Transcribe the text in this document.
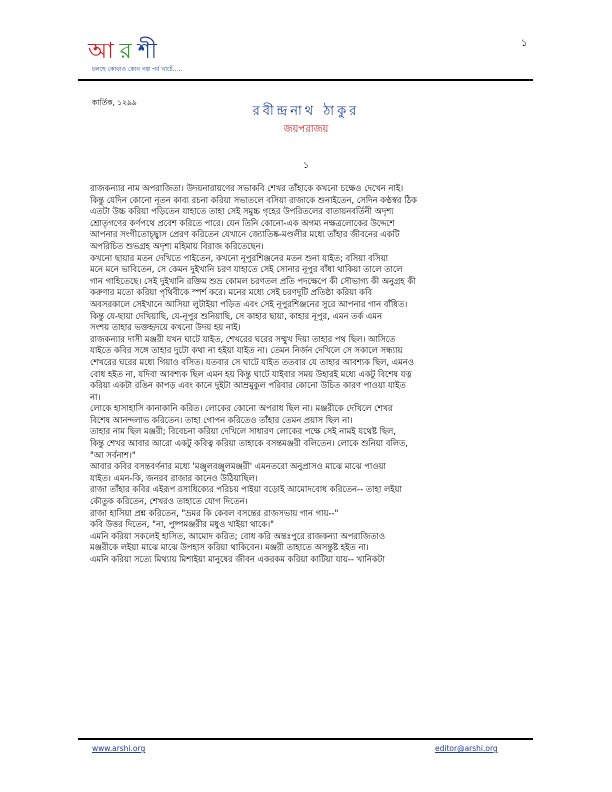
আরশী
চলছে কোথাও কোন গল্প পর্ব খাচেঁ.....
১
কার্তিক, ১২৯৯
রবীন্দ্রনাথ ঠাকুর
জয়পরাজয়
১

রাজকন্যার নাম অপরাজিতা। উদয়নারায়ণের সভাকবি শেখর তাঁহাকে কখনো চক্ষেও দেখেন নাই।

কিন্তু যেদিন কোনো নূতন কাব্য রচনা করিয়া সভাতলে বসিয়া রাজাকে শুনাইতেন, সেদিন কণ্ঠস্বর ঠিক

এতটা উচ্চ করিয়া পড়িতেন যাহাতে তাহা সেই সমুচ্চ গৃহের উপরিতলের বাতায়নবর্তিনী অদৃশ্য

শ্রোতৃগণের কর্ণপথে প্রবেশ করিতে পারে। যেন তিনি কোনো-এক অগম্য নক্ষত্রলোকের উদ্দেশে

আপনার সংগীতোচ্ছ্বাস প্রেরণ করিতেন যেখানে জ্যোতিষ্ক-মণ্ডলীর মধ্যে তাঁহার জীবনের একটি

অপরিচিত শুভগ্রহ অদৃশ্য মহিমায় বিরাজ করিতেছেন।

কখনো ছায়ার মতন দেখিতে পাইতেন, কখনো নূপুরশিঞ্জনের মতন শুনা যাইত; বসিয়া বসিয়া

মনে মনে ভাবিতেন, সে কেমন দুইখানি চরণ যাহাতে সেই সোনার নূপুর বাঁধা থাকিয়া তালে তালে

গান গাহিতেছে। সেই দুইখানি রক্তিম শুভ্র কোমল চরণতল প্রতি পদক্ষেপে কী সৌভাগ্য কী অনুগ্রহ কী

করুণার মতো করিয়া পৃথিবীকে স্পর্শ করে। মনের মধ্যে সেই চরণদুটি প্রতিষ্ঠা করিয়া কবি

অবসরকালে সেইখানে আসিয়া লুটাইয়া পড়িত এবং সেই নূপুরশিঞ্জনের সুরে আপনার গান বাঁধিত।

কিন্তু যে-ছায়া দেখিয়াছি, যে-নূপুর শুনিয়াছি, সে কাহার ছায়া, কাহার নূপুর, এমন তর্ক এমন

সংশয় তাহার ভক্তহৃদয়ে কখনো উদয় হয় নাই।

রাজকন্যার দাসী মঞ্জরী যখন ঘাটে যাইত, শেখরের ঘরের সম্মুখ দিয়া তাহার পথ ছিল। আসিতে

যাইতে কবির সঙ্গে তাহার দুটো কথা না হইয়া যাইত না। তেমন নির্জন দেখিলে সে সকালে সন্ধ্যায়

শেখরের ঘরের মধ্যে গিয়াও বসিত। যতবার সে ঘাটে যাইত ততবার যে তাহার আবশ্যক ছিল, এমনও

বোধ হইত না, যদিবা আবশ্যক ছিল এমন হয় কিন্তু ঘাটে যাইবার সময় উহারই মধ্যে একটু বিশেষ যত্ন

করিয়া একটা রঙিন কাপড় এবং কানে দুইটা আম্রমুকুল পরিবার কোনো উচিত কারণ পাওয়া যাইত

না।

লোকে হাসাহাসি কানাকানি করিত। লোকের কোনো অপরাধ ছিল না। মঞ্জরীকে দেখিলে শেখর

বিশেষ আনন্দলাভ করিতেন। তাহা গোপন করিতেও তাঁহার তেমন প্রয়াস ছিল না।

তাহার নাম ছিল মঞ্জরী; বিবেচনা করিয়া দেখিলে সাধারণ লোকের পক্ষে সেই নামই যথেষ্ট ছিল,

কিন্তু শেখর আবার আরো একটু কবিত্ব করিয়া তাহাকে বসন্তমঞ্জরী বলিতেন। লোকে শুনিয়া বলিত,

"আ সর্বনাশ।"

আবার কবির বসন্তবর্ণনার মধ্যে 'মঞ্জুলবঞ্জুলমঞ্জরী' এমনতরো অনুপ্রাসও মাঝে মাঝে পাওয়া

যাইত। এমন-কি, জনরব রাজার কানেও উঠিয়াছিল।

রাজা তাঁহার কবির এইরূপ রসাধিক্যের পরিচয় পাইয়া বড়োই আমোদবোধ করিতেন-- তাহা লইয়া

কৌতুক করিতেন, শেখরও তাহাতে যোগ দিতেন।

রাজা হাসিয়া প্রশ্ন করিতেন, "ভ্রমর কি কেবল বসন্তের রাজসভায় গান গায়--"

কবি উত্তর দিতেন, "না, পুষ্পমঞ্জরীর মধুও খাইয়া থাকে।"

এমনি করিয়া সকলেই হাসিত, আমোদ করিত; বোধ করি অন্তঃপুরে রাজকন্যা অপরাজিতাও

মঞ্জরীকে লইয়া মাঝে মাঝে উপহাস করিয়া থাকিবেন। মঞ্জরী তাহাতে অসন্তুষ্ট হইত না।

এমনি করিয়া সত্যে মিথ্যায় মিশাইয়া মানুষের জীবন একরকম করিয়া কাটিয়া যায়-- খানিকটা

www.arshi.org	editor@arshi.org
